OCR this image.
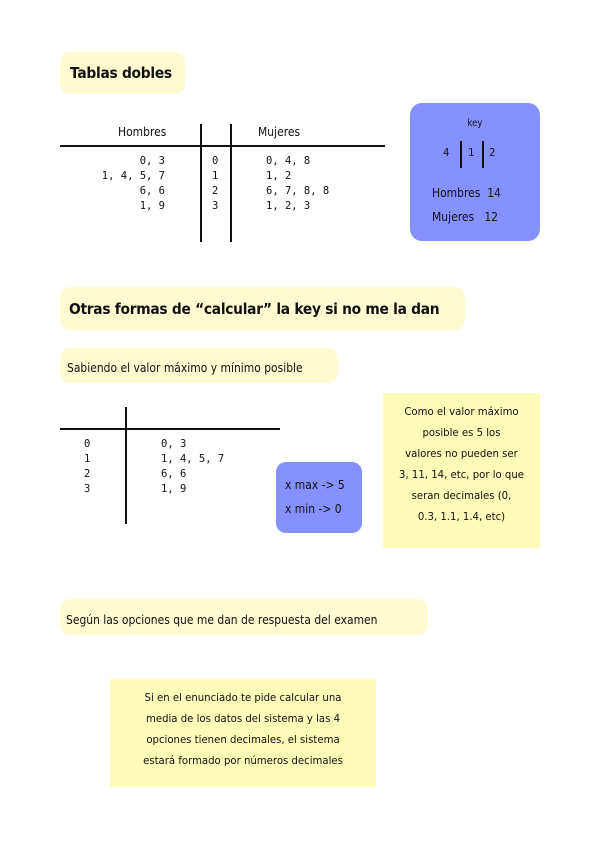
Tablas dobles
Hombres	Mujeres
0, 3
1, 4, 5, 7
6, 6
1, 9
0
1
2
3
0, 4, 8
1, 2
6, 7, 8, 8
1, 2, 3
key
4 1 2
Hombres  14
Mujeres   12
Otras formas de “calcular” la key si no me la dan
Sabiendo el valor máximo y mínimo posible
0
1
2
3
0, 3
1, 4, 5, 7
6, 6
1, 9	x max -> 5
x min -> 0
Como el valor máximo
posible es 5 los
valores no pueden ser
3, 11, 14, etc, por lo que
seran decimales (0,
0.3, 1.1, 1.4, etc)
Según las opciones que me dan de respuesta del examen
Si en el enunciado te pide calcular una
media de los datos del sistema y las 4
opciones tienen decimales, el sistema
estará formado por números decimales
